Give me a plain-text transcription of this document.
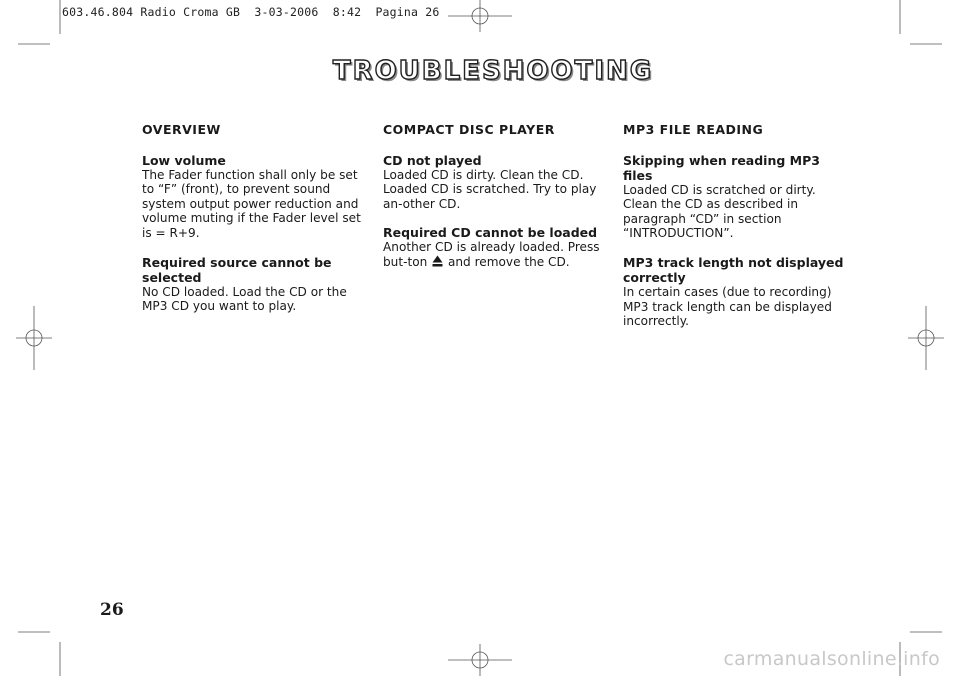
603.46.804 Radio Croma GB  3-03-2006  8:42  Pagina 26
TROUBLESHOOTING
OVERVIEW
Low volume

The Fader function shall only be set to “F” (front), to prevent sound system output power reduction and volume muting if the Fader level set is = R+9.

Required source cannot be selected

No CD loaded. Load the CD or the MP3 CD you want to play.

COMPACT DISC PLAYER
CD not played

Loaded CD is dirty. Clean the CD. Loaded CD is scratched. Try to play an-other CD.

Required CD cannot be loaded

Another CD is already loaded. Press but-ton and remove the CD.

MP3 FILE READING
Skipping when reading MP3 files

Loaded CD is scratched or dirty. Clean the CD as described in paragraph “CD” in section “INTRODUCTION”.

MP3 track length not displayed correctly

In certain cases (due to recording) MP3 track length can be displayed incorrectly.

26
carmanualsonline.info
